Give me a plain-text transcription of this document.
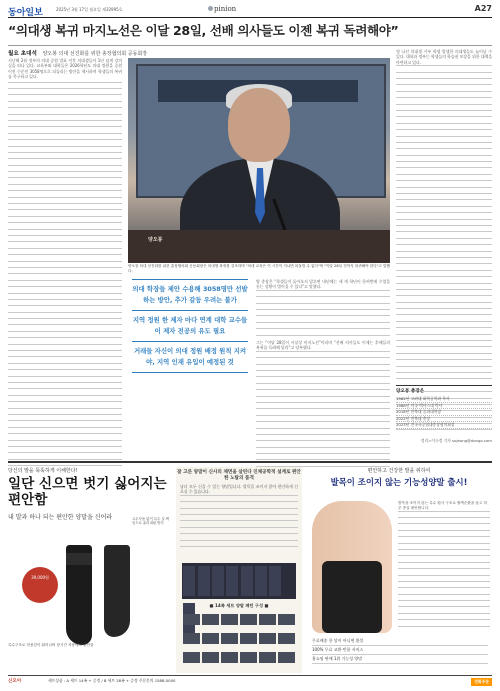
동아일보	2025년 3월 17일 월요일 제32995호	pinion	A27
“의대생 복귀 마지노선은 이달 28일, 선배 의사들도 이젠 복귀 독려해야”
월요 초대석 양오봉 의대 선진화를 위한 총장협의회 공동회장
지난해 2월 정부의 의대 증원 발표 이후 의대생들이 1년 넘게 강의실을 떠나 있다. 교육부와 대학들은 2026학년도 의대 정원을 증원 이전 수준인 3058명으로 되돌리는 방안을 제시하며 학생들의 복귀를 촉구하고 있다.
양오봉
양오봉 의대 선진화를 위한 총장협의회 공동회장은 의대생 복귀를 강조하며 "의대 교육은 이 시간이 지나면 되돌릴 수 없다"며 "이달 28일 전까지 복귀해야 한다"고 말했다.
의대 학장들 제안 수용해 3058명만 선발하는 방안, 추가 갈등 우려는 불가
지역 정원 한 제자 마다 연계 대학 교수들이 제자 전공의 유도 필요
거래들 자신이 의대 정원 배정 원칙 지켜야, 지역 인재 유입이 예정된 것
양 총장은 “학생들이 돌아오지 않으면 내년에는 세 개 학년이 한꺼번에 수업을 듣는 상황이 벌어질 수 있다”고 말했다.
그는 “이달 28일이 사실상 마지노선”이라며 “선배 의사들도 이제는 후배들의 복귀를 독려해 달라”고 당부했다.
정 나선 의대생 거부 학생 발생한 의대생들도 늘어날 수 있다. 대학과 정부는 학생들의 학습권 보장을 위한 대책을 마련하고 있다.
정리=이소정 기자 sojeong@donga.com
양오봉 총장은
1982년 고려대 화학공학과 학사
1988년 미국 텍사스대 박사
2018년 전북대 공과대학장
2022년 전북대 총장
2023년 전국국공립대총장협의회장
당신의 발을 뚝뚝하게 이해한다!
일단 신으면 벗기 싫어지는 편안함
내 발과 하나 되는 편안한 양말을 신어라
39,000원
고무사용 없이 특수 실 짜임으로 흘러내림 방지
특수구조로 착용감이 뛰어나며 장시간 착용에도 편안함
잘 고른 양말이 신사의 체면을 살린다 인체공학적 설계로 편안한 노탑의 품격
남녀 모두 신을 수 있는 양말입니다. 발목을 조이지 않아 편안하게 신으실 수 있습니다.
■ 14족 세트 양말 패턴 구성 ■

편안하고 건강한 발을 위하여
발목이 조이지 않는 기능성양말 출시!
발목을 조이지 않는 특수 원사 구조로 혈액순환을 돕고 하루 종일 편안합니다.
무료배송 한 달이 아니면 환불
100% 무료 교환·반품 서비스
홈쇼핑 판매 1위 기능성 양말
신모아	세트상품 : A 세트 14족 + 증정 / B 세트 28족 + 증정 주문문의 1588-0000	전화주문
